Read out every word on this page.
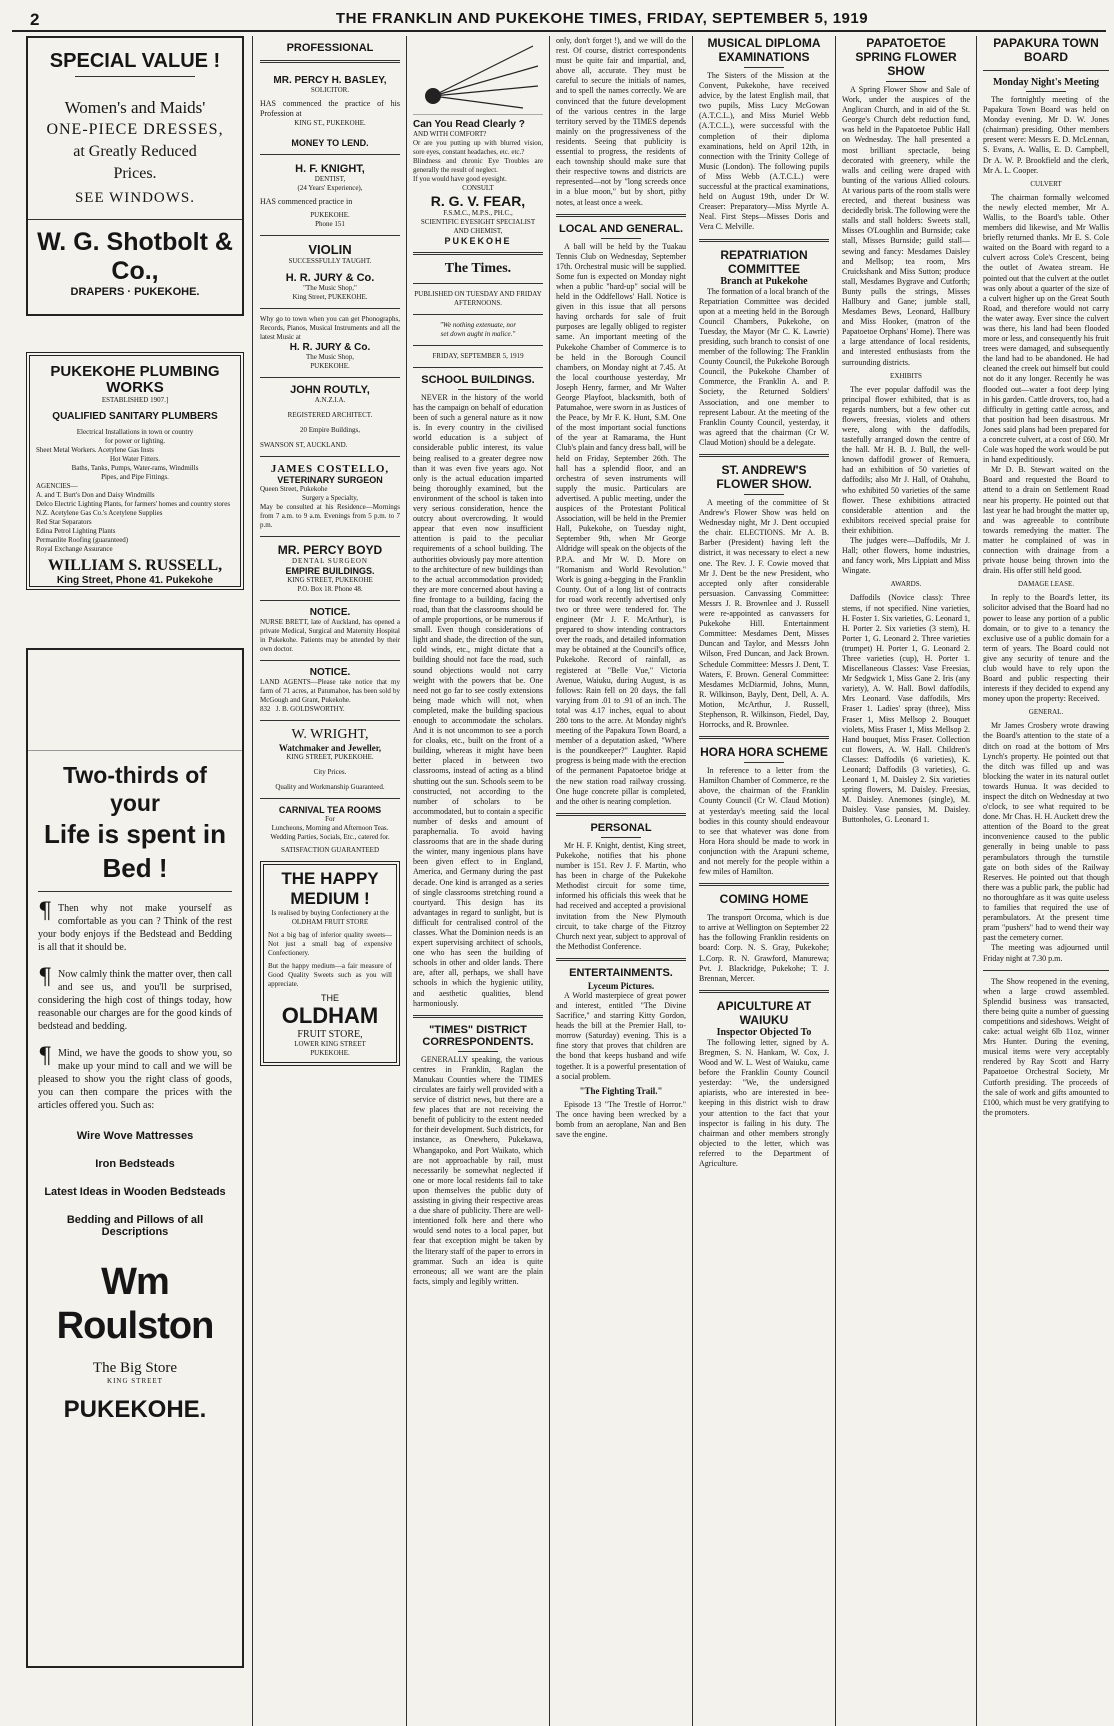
2	THE FRANKLIN AND PUKEKOHE TIMES, FRIDAY, SEPTEMBER 5, 1919
SPECIAL VALUE !
Women's and Maids'
ONE-PIECE DRESSES,
at Greatly Reduced
Prices.
SEE WINDOWS.
W. G. Shotbolt & Co.,
DRAPERS · PUKEKOHE.
PUKEKOHE PLUMBING WORKS
ESTABLISHED 1907.]
QUALIFIED SANITARY PLUMBERS
Electrical Installations in town or country
for power or lighting.
Sheet Metal Workers. Acetylene Gas Insts
Hot Water Fitters.
Baths, Tanks, Pumps, Water-rams, Windmills
Pipes, and Pipe Fittings.
AGENCIES—
A. and T. Burt's Don and Daisy Windmills
Delco Electric Lighting Plants, for farmers' homes and country stores
N.Z. Acetylene Gas Co.'s Acetylene Supplies
Red Star Separators
Edina Petrol Lighting Plants
Permanlite Roofing (guaranteed)
Royal Exchange Assurance
WILLIAM S. RUSSELL,
King Street, Phone 41. Pukekohe
Two-thirds of your
Life is spent in Bed !
¶ Then why not make yourself as comfortable as you can ? Think of the rest your body enjoys if the Bedstead and Bedding is all that it should be.

¶ Now calmly think the matter over, then call and see us, and you'll be surprised, considering the high cost of things today, how reasonable our charges are for the good kinds of bedstead and bedding.

¶ Mind, we have the goods to show you, so make up your mind to call and we will be pleased to show you the right class of goods, you can then compare the prices with the articles offered you. Such as:

Wire Wove Mattresses
Iron Bedsteads
Latest Ideas in Wooden Bedsteads
Bedding and Pillows of all Descriptions
Wm Roulston
The Big Store
KING STREET
PUKEKOHE.
PROFESSIONAL
MR. PERCY H. BASLEY,
SOLICITOR.

HAS commenced the practice of his Profession at

KING ST., PUKEKOHE.
MONEY TO LEND.
H. F. KNIGHT,
DENTIST,
(24 Years' Experience),

HAS commenced practice in

PUKEKOHE.
Phone 151
VIOLIN
SUCCESSFULLY TAUGHT.
H. R. JURY & Co.
"The Music Shop,"
King Street, PUKEKOHE.

Why go to town when you can get Phonographs, Records, Pianos, Musical Instruments and all the latest Music at

H. R. JURY & Co.
The Music Shop,
PUKEKOHE.
JOHN ROUTLY,
A.N.Z.I.A.
REGISTERED ARCHITECT.
20 Empire Buildings,
SWANSON ST, AUCKLAND.
JAMES COSTELLO,
VETERINARY SURGEON
Queen Street, Pukekohe
Surgery a Specialty,

May be consulted at his Residence—Mornings from 7 a.m. to 9 a.m. Evenings from 5 p.m. to 7 p.m.

MR. PERCY BOYD
DENTAL SURGEON
EMPIRE BUILDINGS.
KING STREET, PUKEKOHE
P.O. Box 18. Phone 48.
NOTICE.

NURSE BRETT, late of Auckland, has opened a private Medical, Surgical and Maternity Hospital in Pukekohe. Patients may be attended by their own doctor.

NOTICE.

LAND AGENTS—Please take notice that my farm of 71 acres, at Patumahoe, has been sold by McGough and Grant, Pukekohe.

832 J. B. GOLDSWORTHY.
W. WRIGHT,
Watchmaker and Jeweller,
KING STREET, PUKEKOHE.
City Prices.
Quality and Workmanship Guaranteed.
CARNIVAL TEA ROOMS
For
Luncheons, Morning and Afternoon Teas.
Wedding Parties, Socials, Etc., catered for.
SATISFACTION GUARANTEED
THE HAPPY MEDIUM !
Is realised by buying Confectionery at the OLDHAM FRUIT STORE

Not a big bag of inferior quality sweets—Not just a small bag of expensive Confectionery.

But the happy medium—a fair measure of Good Quality Sweets such as you will appreciate.

THE
OLDHAM
FRUIT STORE,
LOWER KING STREET
PUKEKOHE.
Can You Read Clearly ?
AND WITH COMFORT?

Or are you putting up with blurred vision, sore eyes, constant headaches, etc. etc.?

Blindness and chronic Eye Troubles are generally the result of neglect.

If you would have good eyesight.

CONSULT
R. G. V. FEAR,
F.S.M.C., M.P.S., PH.C.,
SCIENTIFIC EYESIGHT SPECIALIST AND CHEMIST,
PUKEKOHE
The Times.
PUBLISHED ON TUESDAY AND FRIDAY AFTERNOONS.
"We nothing extenuate, nor
set down aught in malice."
FRIDAY, SEPTEMBER 5, 1919
SCHOOL BUILDINGS.

NEVER in the history of the world has the campaign on behalf of education been of such a general nature as it now is. In every country in the civilised world education is a subject of considerable public interest, its value being realised to a greater degree now than it was even five years ago. Not only is the actual education imparted being thoroughly examined, but the environment of the school is taken into very serious consideration, hence the outcry about overcrowding. It would appear that even now insufficient attention is paid to the peculiar requirements of a school building. The authorities obviously pay more attention to the architecture of new buildings than to the actual accommodation provided; they are more concerned about having a fine frontage to a building, facing the road, than that the classrooms should be of ample proportions, or be numerous if small. Even though considerations of light and shade, the direction of the sun, cold winds, etc., might dictate that a building should not face the road, such sound objections would not carry weight with the powers that be. One need not go far to see costly extensions being made which will not, when completed, make the building spacious enough to accommodate the scholars. And it is not uncommon to see a porch for cloaks, etc., built on the front of a building, whereas it might have been better placed in between two classrooms, instead of acting as a blind shutting out the sun. Schools seem to be constructed, not according to the number of scholars to be accommodated, but to contain a specific number of desks and amount of paraphernalia. To avoid having classrooms that are in the shade during the winter, many ingenious plans have been given effect to in England, America, and Germany during the past decade. One kind is arranged as a series of single classrooms stretching round a courtyard. This design has its advantages in regard to sunlight, but is difficult for centralised control of the classes. What the Dominion needs is an expert supervising architect of schools, one who has seen the building of schools in other and older lands. There are, after all, perhaps, we shall have schools in which the hygienic utility, and aesthetic qualities, blend harmoniously.

"TIMES" DISTRICT CORRESPONDENTS.

GENERALLY speaking, the various centres in Franklin, Raglan the Manukau Counties where the TIMES circulates are fairly well provided with a service of district news, but there are a few places that are not receiving the benefit of publicity to the extent needed for their development. Such districts, for instance, as Onewhero, Pukekawa, Whangapoko, and Port Waikato, which are not approachable by rail, must necessarily be somewhat neglected if one or more local residents fail to take upon themselves the public duty of assisting in giving their respective areas a due share of publicity. There are well-intentioned folk here and there who would send notes to a local paper, but fear that exception might be taken by the literary staff of the paper to errors in grammar. Such an idea is quite erroneous; all we want are the plain facts, simply and legibly written.

only, don't forget !), and we will do the rest. Of course, district correspondents must be quite fair and impartial, and, above all, accurate. They must be careful to secure the initials of names, and to spell the names correctly. We are convinced that the future development of the various centres in the large territory served by the TIMES depends mainly on the progressiveness of the residents. Seeing that publicity is essential to progress, the residents of each township should make sure that their respective towns and districts are represented—not by "long screeds once in a blue moon," but by short, pithy notes, at least once a week.

LOCAL AND GENERAL.

A ball will be held by the Tuakau Tennis Club on Wednesday, September 17th. Orchestral music will be supplied. Some fun is expected on Monday night when a public "hard-up" social will be held in the Oddfellows' Hall. Notice is given in this issue that all persons having orchards for sale of fruit purposes are legally obliged to register same. An important meeting of the Pukekohe Chamber of Commerce is to be held in the Borough Council chambers, on Monday night at 7.45. At the local courthouse yesterday, Mr Joseph Henry, farmer, and Mr Walter George Playfoot, blacksmith, both of Patumahoe, were sworn in as Justices of the Peace, by Mr F. K. Hunt, S.M. One of the most important social functions of the year at Ramarama, the Hunt Club's plain and fancy dress ball, will be held on Friday, September 26th. The hall has a splendid floor, and an orchestra of seven instruments will supply the music. Particulars are advertised. A public meeting, under the auspices of the Protestant Political Association, will be held in the Premier Hall, Pukekohe, on Tuesday night, September 9th, when Mr George Aldridge will speak on the objects of the P.P.A. and Mr W. D. More on "Romanism and World Revolution." Work is going a-begging in the Franklin County. Out of a long list of contracts for road work recently advertised only two or three were tendered for. The engineer (Mr J. F. McArthur), is prepared to show intending contractors over the roads, and detailed information may be obtained at the Council's office, Pukekohe. Record of rainfall, as registered at "Belle Vue," Victoria Avenue, Waiuku, during August, is as follows: Rain fell on 20 days, the fall varying from .01 to .91 of an inch. The total was 4.17 inches, equal to about 280 tons to the acre. At Monday night's meeting of the Papakura Town Board, a member of a deputation asked, "Where is the poundkeeper?" Laughter. Rapid progress is being made with the erection of the permanent Papatoetoe bridge at the new station road railway crossing. One huge concrete pillar is completed, and the other is nearing completion.

PERSONAL

Mr H. F. Knight, dentist, King street, Pukekohe, notifies that his phone number is 151. Rev J. F. Martin, who has been in charge of the Pukekohe Methodist circuit for some time, informed his officials this week that he had received and accepted a provisional invitation from the New Plymouth circuit, to take charge of the Fitzroy Church next year, subject to approval of the Methodist Conference.

ENTERTAINMENTS.
Lyceum Pictures.

A World masterpiece of great power and interest, entitled "The Divine Sacrifice," and starring Kitty Gordon, heads the bill at the Premier Hall, to-morrow (Saturday) evening. This is a fine story that proves that children are the bond that keeps husband and wife together. It is a powerful presentation of a social problem.

"The Fighting Trail."

Episode 13 "The Trestle of Horror." The once having been wrecked by a bomb from an aeroplane, Nan and Ben save the engine.

MUSICAL DIPLOMA EXAMINATIONS

The Sisters of the Mission at the Convent, Pukekohe, have received advice, by the latest English mail, that two pupils, Miss Lucy McGowan (A.T.C.L.), and Miss Muriel Webb (A.T.C.L.), were successful with the completion of their diploma examinations, held on April 12th, in connection with the Trinity College of Music (London). The following pupils of Miss Webb (A.T.C.L.) were successful at the practical examinations, held on August 19th, under Dr W. Creaser: Preparatory—Miss Myrtle A. Neal. First Steps—Misses Doris and Vera C. Melville.

REPATRIATION COMMITTEE
Branch at Pukekohe

The formation of a local branch of the Repatriation Committee was decided upon at a meeting held in the Borough Council Chambers, Pukekohe, on Tuesday, the Mayor (Mr C. K. Lawrie) presiding, such branch to consist of one member of the following: The Franklin County Council, the Pukekohe Borough Council, the Pukekohe Chamber of Commerce, the Franklin A. and P. Society, the Returned Soldiers' Association, and one member to represent Labour. At the meeting of the Franklin County Council, yesterday, it was agreed that the chairman (Cr W. Claud Motion) should be a delegate.

ST. ANDREW'S FLOWER SHOW.

A meeting of the committee of St Andrew's Flower Show was held on Wednesday night, Mr J. Dent occupied the chair. ELECTIONS. Mr A. B. Barber (President) having left the district, it was necessary to elect a new one. The Rev. J. F. Cowie moved that Mr J. Dent be the new President, who accepted only after considerable persuasion. Canvassing Committee: Messrs J. R. Brownlee and J. Russell were re-appointed as canvassers for Pukekohe Hill. Entertainment Committee: Mesdames Dent, Misses Duncan and Taylor, and Messrs John Wilson, Fred Duncan, and Jack Brown. Schedule Committee: Messrs J. Dent, T. Waters, F. Brown. General Committee: Mesdames McDiarmid, Johns, Munn, R. Wilkinson, Bayly, Dent, Dell, A. A. Motion, McArthur, J. Russell, Stephenson, R. Wilkinson, Fiedel, Day, Horrocks, and R. Brownlee.

HORA HORA SCHEME

In reference to a letter from the Hamilton Chamber of Commerce, re the above, the chairman of the Franklin County Council (Cr W. Claud Motion) at yesterday's meeting said the local bodies in this county should endeavour to see that whatever was done from Hora Hora should be made to work in conjunction with the Arapuni scheme, and not merely for the people within a few miles of Hamilton.

COMING HOME

The transport Orcoma, which is due to arrive at Wellington on September 22 has the following Franklin residents on board: Corp. N. S. Gray, Pukekohe; L.Corp. R. N. Grawford, Manurewa; Pvt. J. Blackridge, Pukekohe; T. J. Brennan, Mercer.

APICULTURE AT WAIUKU
Inspector Objected To

The following letter, signed by A. Bregmen, S. N. Hankam, W. Cox, J. Wood and W. L. West of Waiuku, came before the Franklin County Council yesterday: "We, the undersigned apiarists, who are interested in bee-keeping in this district wish to draw your attention to the fact that your inspector is failing in his duty. The chairman and other members strongly objected to the letter, which was referred to the Department of Agriculture.

PAPATOETOE SPRING FLOWER SHOW

A Spring Flower Show and Sale of Work, under the auspices of the Anglican Church, and in aid of the St. George's Church debt reduction fund, was held in the Papatoetoe Public Hall on Wednesday. The hall presented a most brilliant spectacle, being decorated with greenery, while the walls and ceiling were draped with bunting of the various Allied colours. At various parts of the room stalls were erected, and thereat business was decidedly brisk. The following were the stalls and stall holders: Sweets stall, Misses O'Loughlin and Burnside; cake stall, Misses Burnside; guild stall—sewing and fancy: Mesdames Daisley and Mellsop; tea room, Mrs Cruickshank and Miss Sutton; produce stall, Mesdames Bygrave and Cutforth; Bunty pulls the strings, Misses Hallbury and Gane; jumble stall, Mesdames Bews, Leonard, Hallbury and Miss Hooker, (matron of the Papatoetoe Orphans' Home). There was a large attendance of local residents, and interested enthusiasts from the surrounding districts.

EXHIBITS

The ever popular daffodil was the principal flower exhibited, that is as regards numbers, but a few other cut flowers, freesias, violets and others were, along with the daffodils, tastefully arranged down the centre of the hall. Mr H. B. J. Bull, the well-known daffodil grower of Remuera, had an exhibition of 50 varieties of daffodils; also Mr J. Hall, of Otahuhu, who exhibited 50 varieties of the same flower. These exhibitions attracted considerable attention and the exhibitors received special praise for their exhibition.

The judges were—Daffodils, Mr J. Hall; other flowers, home industries, and fancy work, Mrs Lippiatt and Miss Wingate.

AWARDS.

Daffodils (Novice class): Three stems, if not specified. Nine varieties, H. Foster 1. Six varieties, G. Leonard 1, H. Porter 2. Six varieties (3 stem), H. Porter 1, G. Leonard 2. Three varieties (trumpet) H. Porter 1, G. Leonard 2. Three varieties (cup), H. Porter 1. Miscellaneous Classes: Vase Freesias, Mr Sedgwick 1, Miss Gane 2. Iris (any variety), A. W. Hall. Bowl daffodils, Mrs Leonard. Vase daffodils, Mrs Fraser 1. Ladies' spray (three), Miss Fraser 1, Miss Mellsop 2. Bouquet violets, Miss Fraser 1, Miss Mellsop 2. Hand bouquet, Miss Fraser. Collection cut flowers, A. W. Hall. Children's Classes: Daffodils (6 varieties), K. Leonard; Daffodils (3 varieties), G. Leonard 1, M. Daisley 2. Six varieties spring flowers, M. Daisley. Freesias, M. Daisley. Anemones (single), M. Daisley. Vase pansies, M. Daisley. Buttonholes, G. Leonard 1.

PAPAKURA TOWN BOARD
Monday Night's Meeting

The fortnightly meeting of the Papakura Town Board was held on Monday evening. Mr D. W. Jones (chairman) presiding. Other members present were: Messrs E. D. McLennan, S. Evans, A. Wallis, E. D. Campbell, Dr A. W. P. Brookfield and the clerk, Mr A. L. Cooper.

CULVERT

The chairman formally welcomed the newly elected member, Mr A. Wallis, to the Board's table. Other members did likewise, and Mr Wallis briefly returned thanks. Mr E. S. Cole waited on the Board with regard to a culvert across Cole's Crescent, being the outlet of Awatea stream. He pointed out that the culvert at the outlet was only about a quarter of the size of a culvert higher up on the Great South Road, and therefore would not carry the water away. Ever since the culvert was there, his land had been flooded more or less, and consequently his fruit trees were damaged, and subsequently the land had to be abandoned. He had cleaned the creek out himself but could not do it any longer. Recently he was flooded out—water a foot deep lying in his garden. Cattle drovers, too, had a difficulty in getting cattle across, and that position had been disastrous. Mr Jones said plans had been prepared for a concrete culvert, at a cost of £60. Mr Cole was hoped the work would be put in hand expeditiously.

Mr D. B. Stewart waited on the Board and requested the Board to attend to a drain on Settlement Road near his property. He pointed out that last year he had brought the matter up, and was agreeable to contribute towards remedying the matter. The matter he complained of was in connection with drainage from a private house being thrown into the drain. His offer still held good.

DAMAGE LEASE.

In reply to the Board's letter, its solicitor advised that the Board had no power to lease any portion of a public domain, or to give to a tenancy the exclusive use of a public domain for a term of years. The Board could not give any security of tenure and the club would have to rely upon the Board and public respecting their interests if they decided to expend any money upon the property: Received.

GENERAL.

Mr James Crosbery wrote drawing the Board's attention to the state of a ditch on road at the bottom of Mrs Lynch's property. He pointed out that the ditch was filled up and was blocking the water in its natural outlet towards Hunua. It was decided to inspect the ditch on Wednesday at two o'clock, to see what required to be done. Mr Chas. H. H. Auckett drew the attention of the Board to the great inconvenience caused to the public generally in being unable to pass perambulators through the turnstile gate on both sides of the Railway Reserves. He pointed out that though there was a public park, the public had no thoroughfare as it was quite useless to families that required the use of perambulators. At the present time pram "pushers" had to wend their way past the cemetery corner.

The meeting was adjourned until Friday night at 7.30 p.m.

The Show reopened in the evening, when a large crowd assembled. Splendid business was transacted, there being quite a number of guessing competitions and sideshows. Weight of cake: actual weight 6lb 11oz, winner Mrs Hunter. During the evening, musical items were very acceptably rendered by Ray Scott and Harry Papatoetoe Orchestral Society, Mr Cutforth presiding. The proceeds of the sale of work and gifts amounted to £100, which must be very gratifying to the promoters.
